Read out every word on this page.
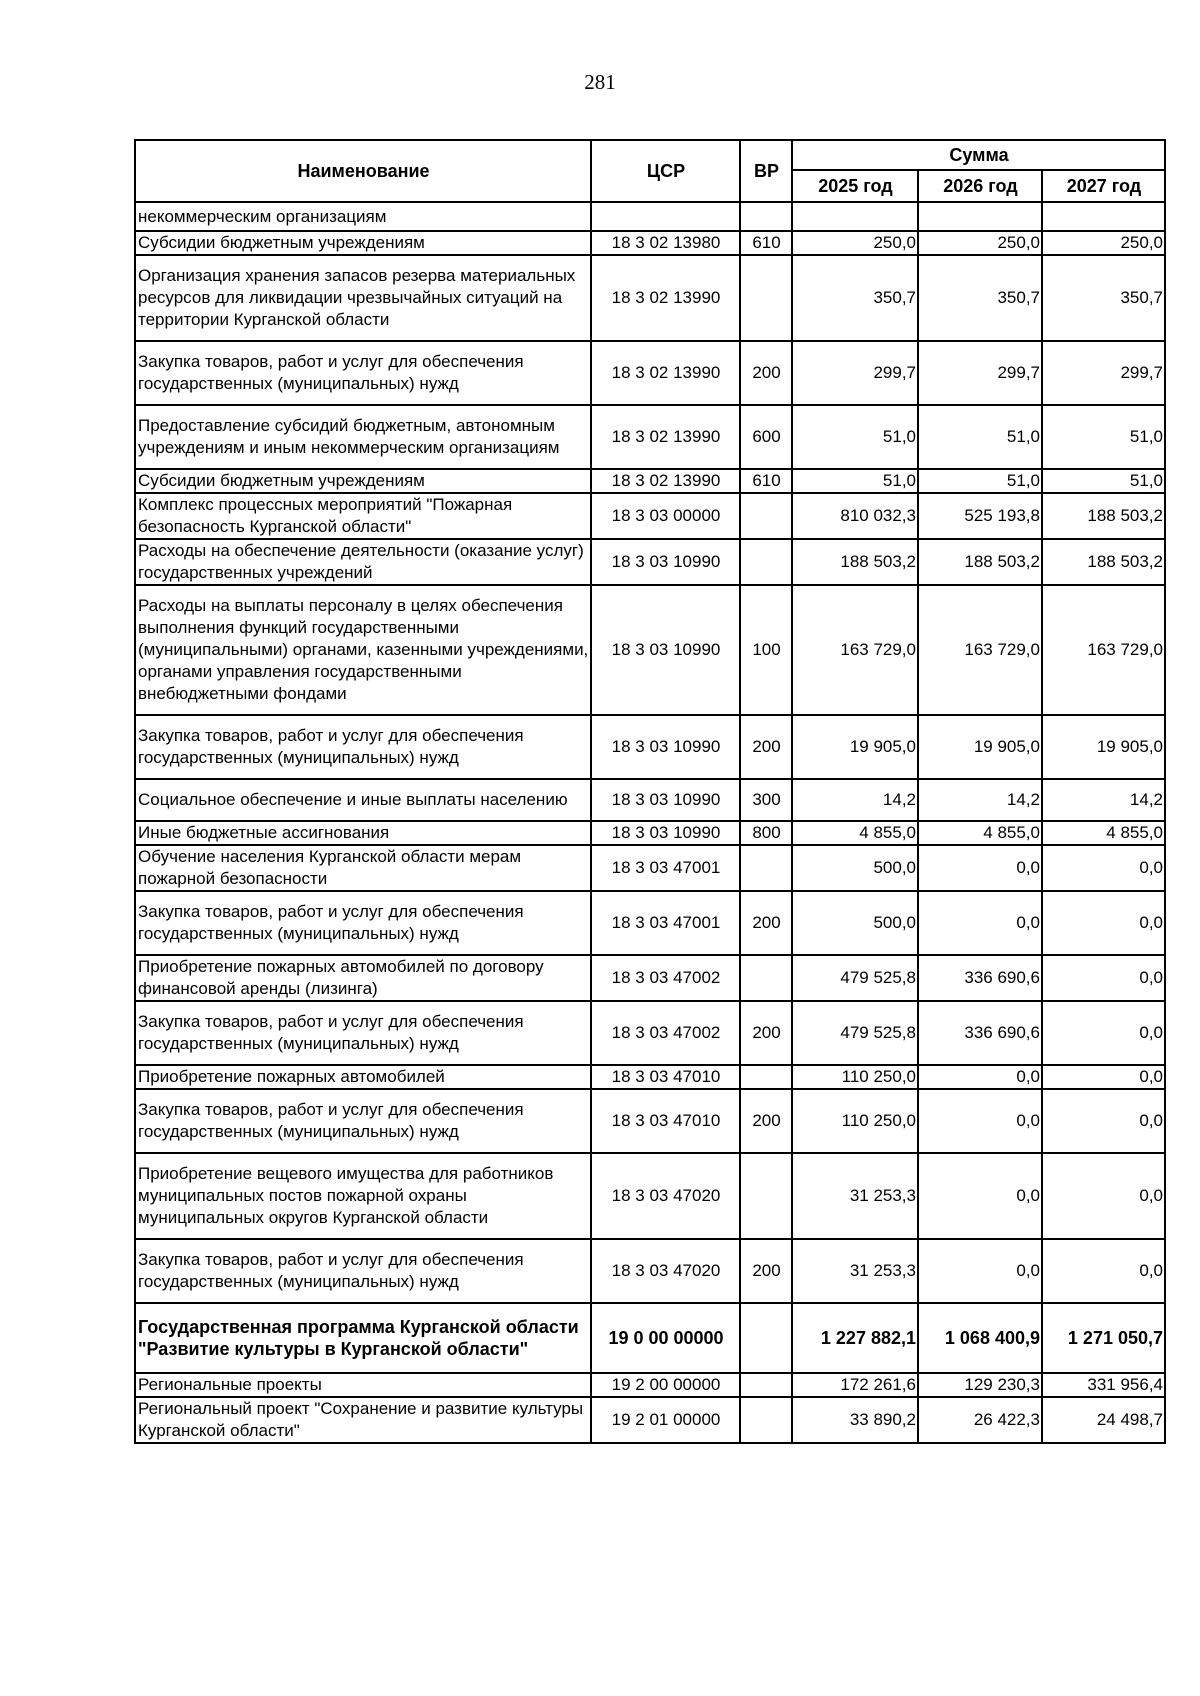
281
Наименование	ЦСР	ВР	Сумма		
			2025 год	2026 год	2027 год
некоммерческим организациям					
Субсидии бюджетным учреждениям	18 3 02 13980	610	250,0	250,0	250,0
Организация хранения запасов резерва материальных ресурсов для ликвидации чрезвычайных ситуаций на территории Курганской области	18 3 02 13990		350,7	350,7	350,7
Закупка товаров, работ и услуг для обеспечения государственных (муниципальных) нужд	18 3 02 13990	200	299,7	299,7	299,7
Предоставление субсидий бюджетным, автономным учреждениям и иным некоммерческим организациям	18 3 02 13990	600	51,0	51,0	51,0
Субсидии бюджетным учреждениям	18 3 02 13990	610	51,0	51,0	51,0
Комплекс процессных мероприятий "Пожарная безопасность Курганской области"	18 3 03 00000		810 032,3	525 193,8	188 503,2
Расходы на обеспечение деятельности (оказание услуг) государственных учреждений	18 3 03 10990		188 503,2	188 503,2	188 503,2
Расходы на выплаты персоналу в целях обеспечения выполнения функций государственными (муниципальными) органами, казенными учреждениями, органами управления государственными внебюджетными фондами	18 3 03 10990	100	163 729,0	163 729,0	163 729,0
Закупка товаров, работ и услуг для обеспечения государственных (муниципальных) нужд	18 3 03 10990	200	19 905,0	19 905,0	19 905,0
Социальное обеспечение и иные выплаты населению	18 3 03 10990	300	14,2	14,2	14,2
Иные бюджетные ассигнования	18 3 03 10990	800	4 855,0	4 855,0	4 855,0
Обучение населения Курганской области мерам пожарной безопасности	18 3 03 47001		500,0	0,0	0,0
Закупка товаров, работ и услуг для обеспечения государственных (муниципальных) нужд	18 3 03 47001	200	500,0	0,0	0,0
Приобретение пожарных автомобилей по договору финансовой аренды (лизинга)	18 3 03 47002		479 525,8	336 690,6	0,0
Закупка товаров, работ и услуг для обеспечения государственных (муниципальных) нужд	18 3 03 47002	200	479 525,8	336 690,6	0,0
Приобретение пожарных автомобилей	18 3 03 47010		110 250,0	0,0	0,0
Закупка товаров, работ и услуг для обеспечения государственных (муниципальных) нужд	18 3 03 47010	200	110 250,0	0,0	0,0
Приобретение вещевого имущества для работников муниципальных постов пожарной охраны муниципальных округов Курганской области	18 3 03 47020		31 253,3	0,0	0,0
Закупка товаров, работ и услуг для обеспечения государственных (муниципальных) нужд	18 3 03 47020	200	31 253,3	0,0	0,0
Государственная программа Курганской области "Развитие культуры в Курганской области"	19 0 00 00000		1 227 882,1	1 068 400,9	1 271 050,7
Региональные проекты	19 2 00 00000		172 261,6	129 230,3	331 956,4
Региональный проект "Сохранение и развитие культуры Курганской области"	19 2 01 00000		33 890,2	26 422,3	24 498,7
